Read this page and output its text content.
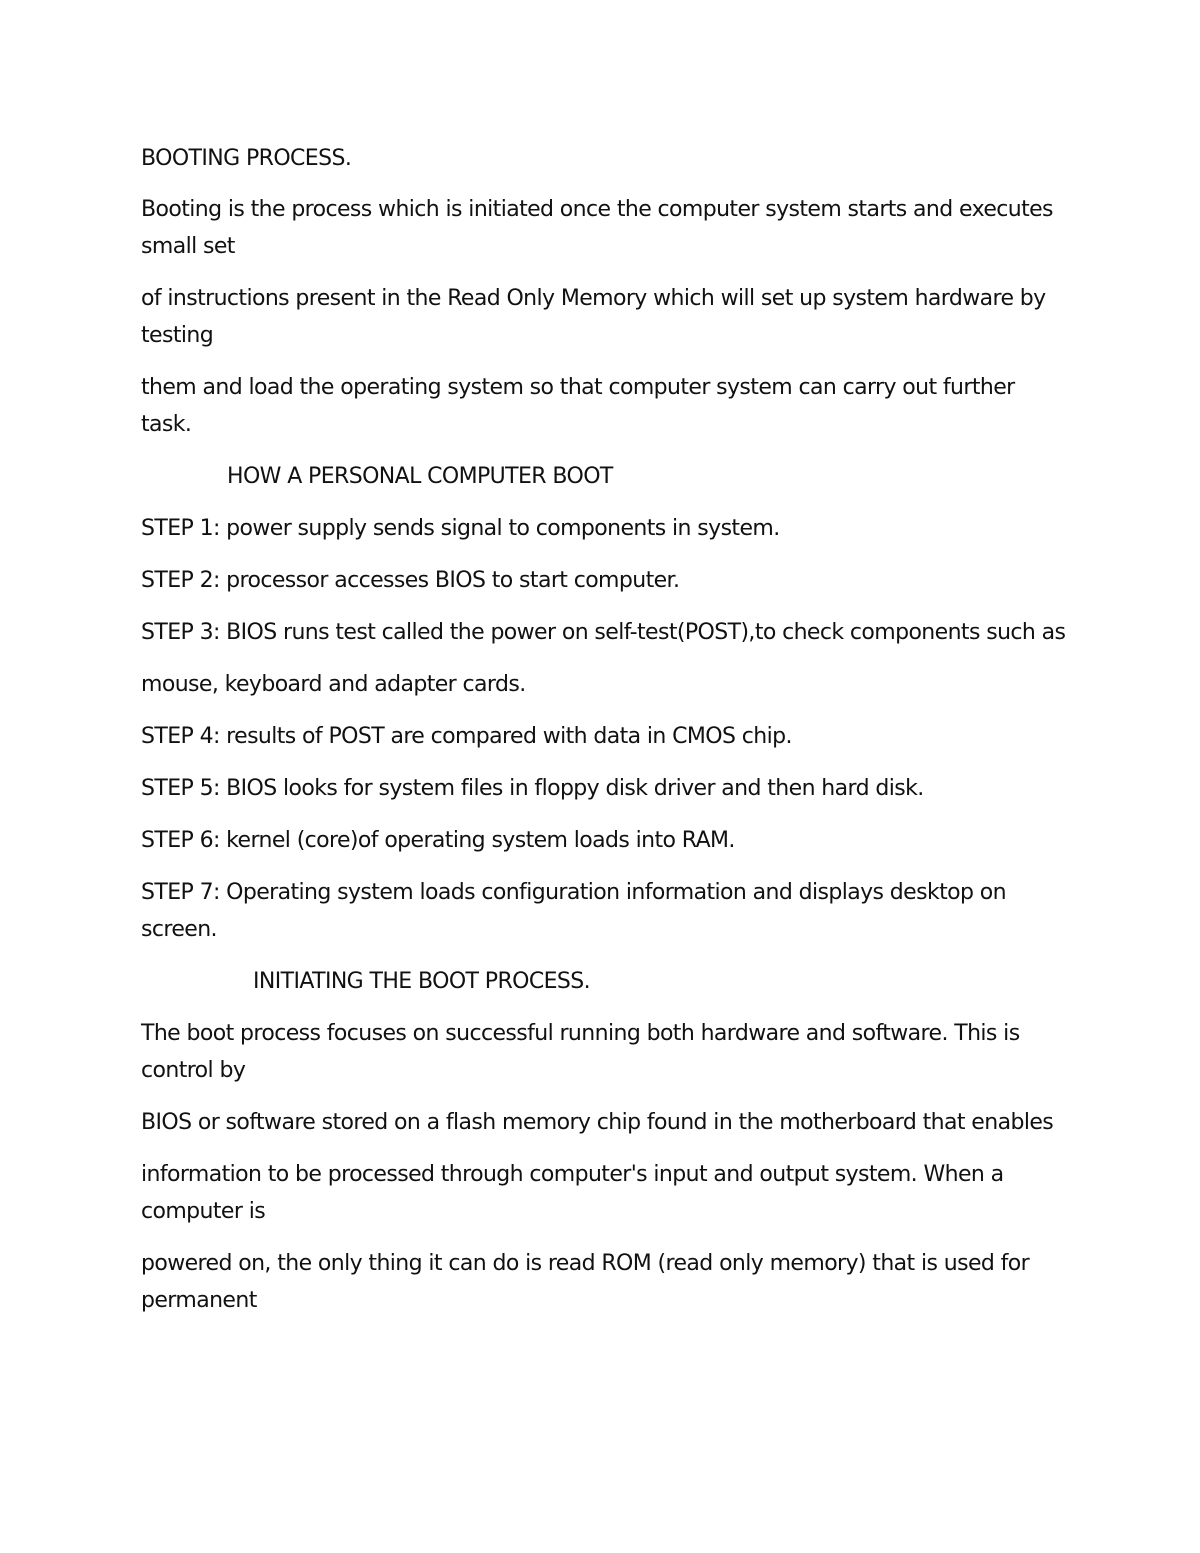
BOOTING PROCESS.

Booting is the process which is initiated once the computer system starts and executes small set

of instructions present in the Read Only Memory which will set up system hardware by testing

them and load the operating system so that computer system can carry out further task.

HOW A PERSONAL COMPUTER BOOT

STEP 1: power supply sends signal to components in system.

STEP 2: processor accesses BIOS to start computer.

STEP 3: BIOS runs test called the power on self-test(POST),to check components such as

mouse, keyboard and adapter cards.

STEP 4: results of POST are compared with data in CMOS chip.

STEP 5: BIOS looks for system files in floppy disk driver and then hard disk.

STEP 6: kernel (core)of operating system loads into RAM.

STEP 7: Operating system loads configuration information and displays desktop on screen.

INITIATING THE BOOT PROCESS.

The boot process focuses on successful running both hardware and software. This is control by

BIOS or software stored on a flash memory chip found in the motherboard that enables

information to be processed through computer's input and output system. When a computer is

powered on, the only thing it can do is read ROM (read only memory) that is used for permanent
